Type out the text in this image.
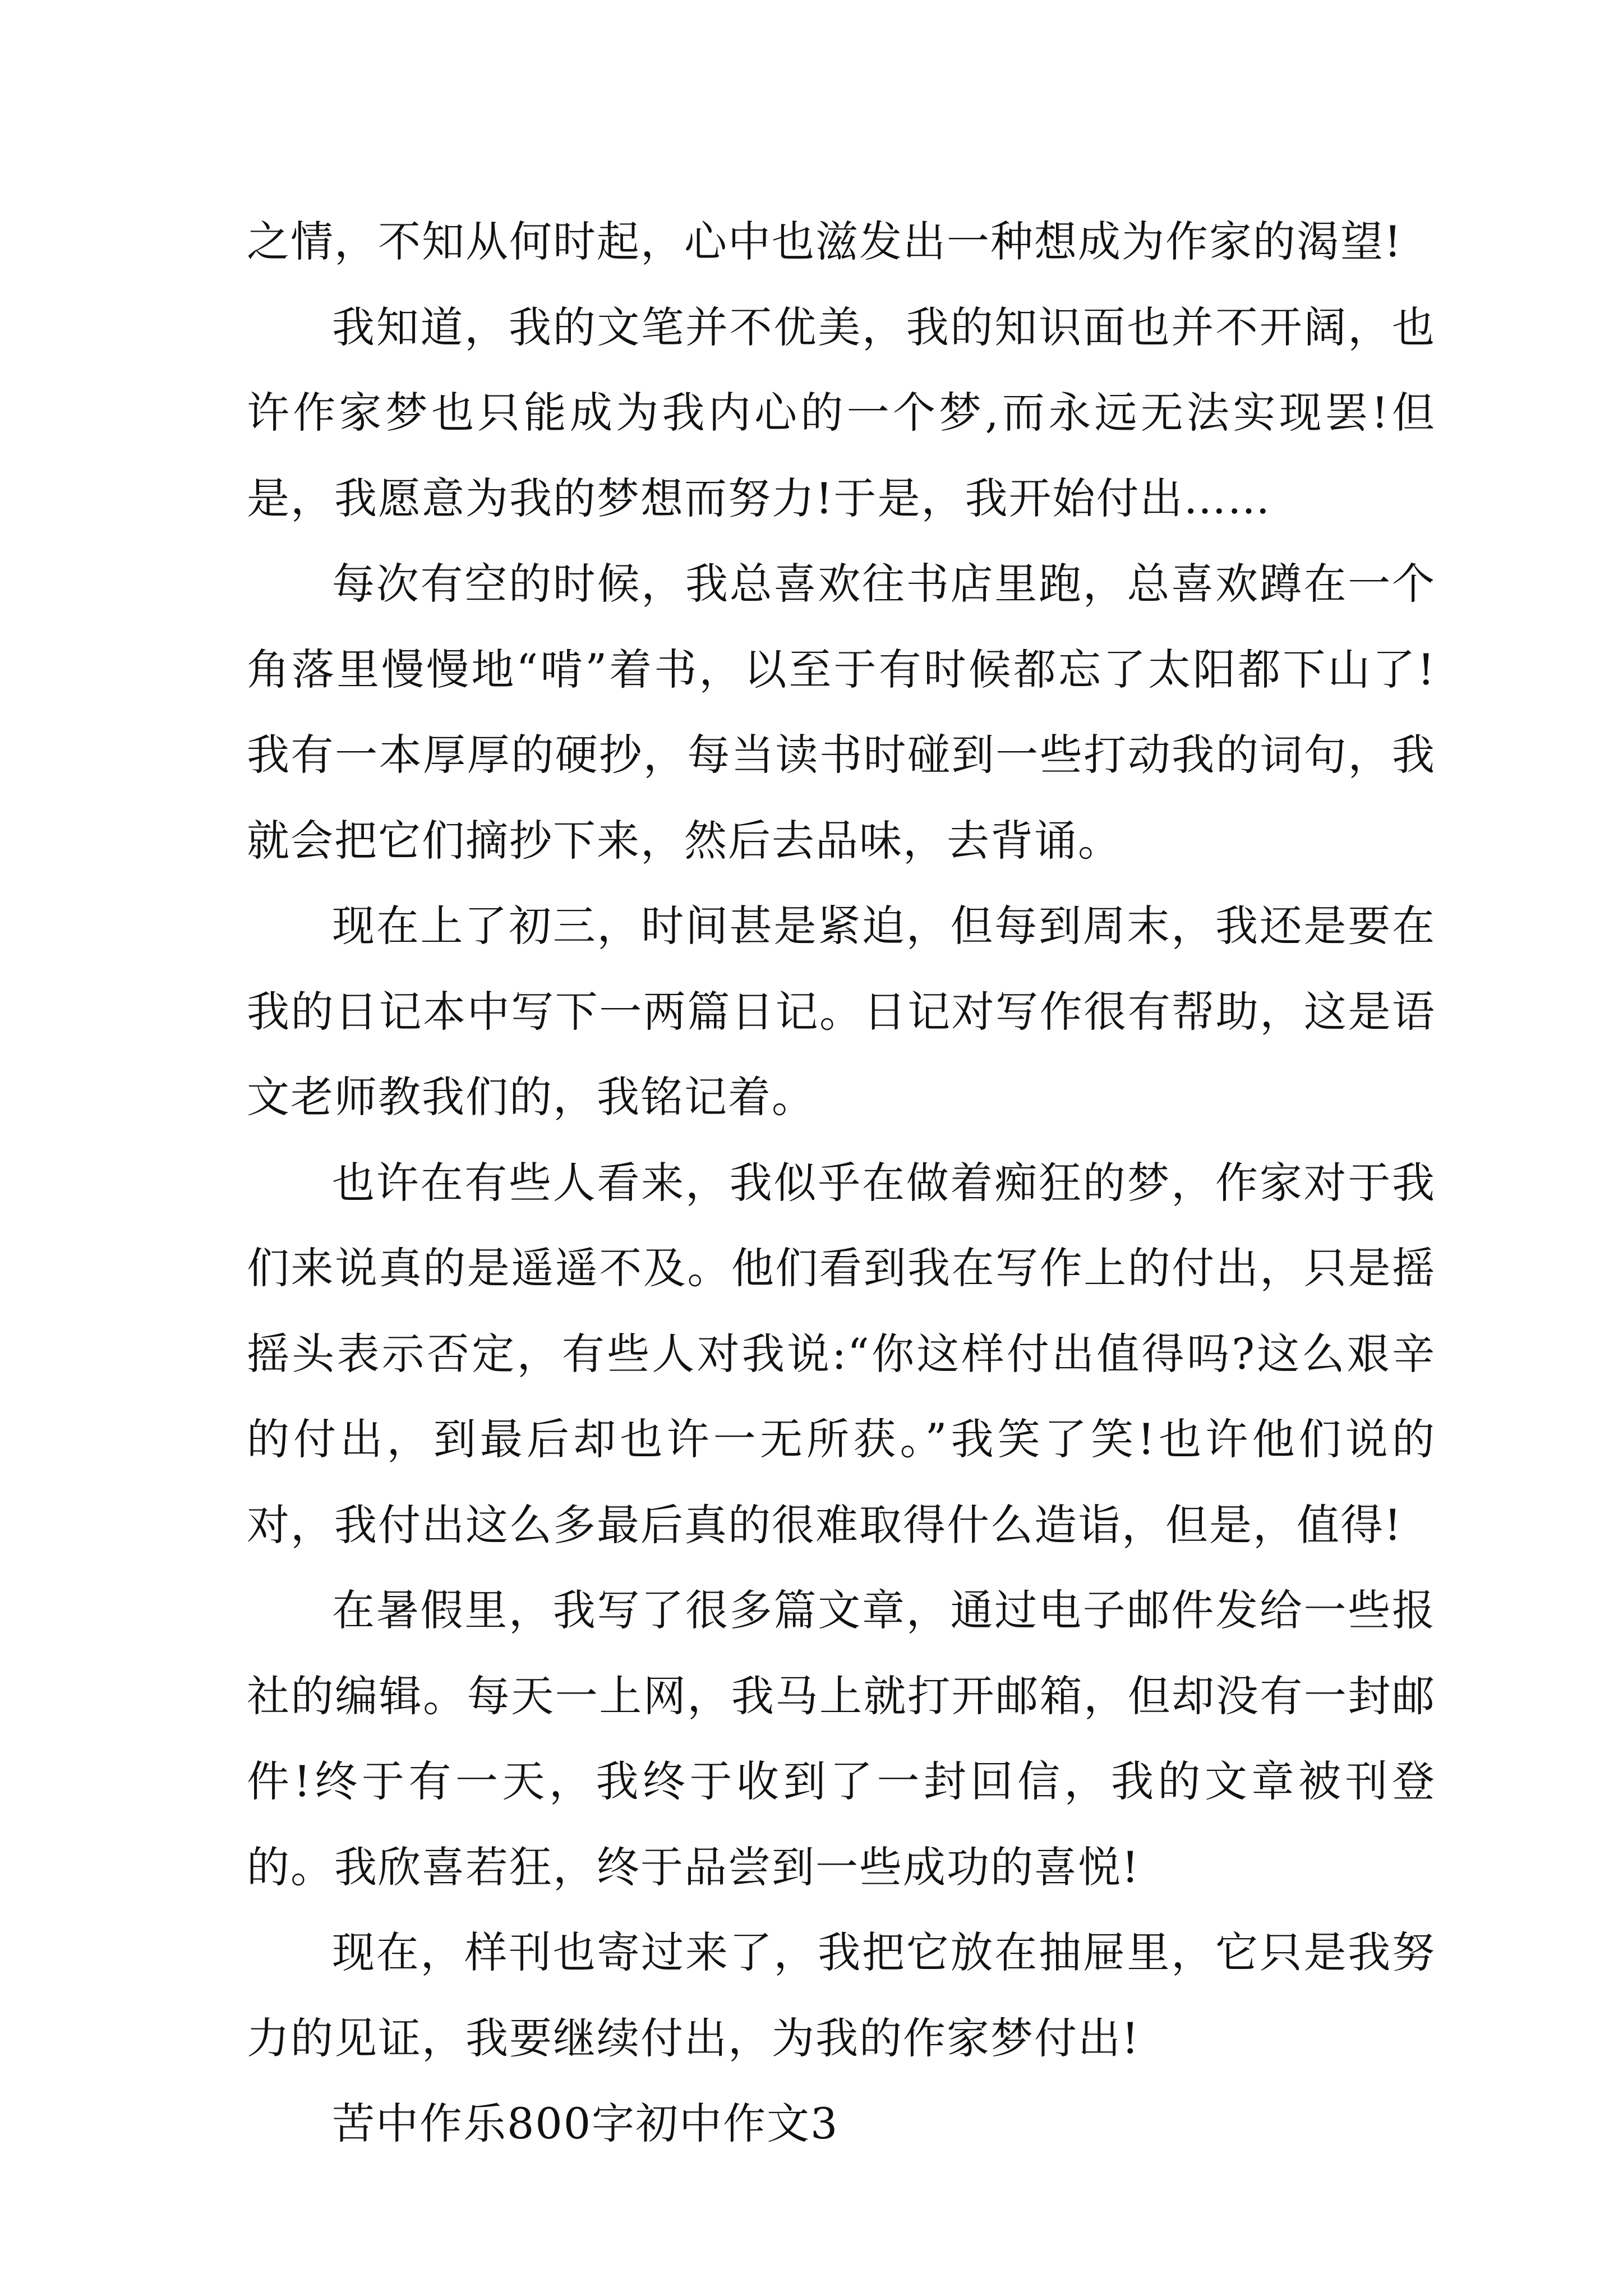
之情，不知从何时起，心中也滋发出一种想成为作家的渴望!

我知道，我的文笔并不优美，我的知识面也并不开阔，也许作家梦也只能成为我内心的一个梦,而永远无法实现罢!但是，我愿意为我的梦想而努力!于是，我开始付出……

每次有空的时候，我总喜欢往书店里跑，总喜欢蹲在一个角落里慢慢地“啃”着书，以至于有时候都忘了太阳都下山了!我有一本厚厚的硬抄，每当读书时碰到一些打动我的词句，我就会把它们摘抄下来，然后去品味，去背诵。

现在上了初三，时间甚是紧迫，但每到周末，我还是要在我的日记本中写下一两篇日记。日记对写作很有帮助，这是语文老师教我们的，我铭记着。

也许在有些人看来，我似乎在做着痴狂的梦，作家对于我们来说真的是遥遥不及。他们看到我在写作上的付出，只是摇摇头表示否定，有些人对我说:“你这样付出值得吗?这么艰辛的付出，到最后却也许一无所获。”我笑了笑!也许他们说的对，我付出这么多最后真的很难取得什么造诣，但是，值得!

在暑假里，我写了很多篇文章，通过电子邮件发给一些报社的编辑。每天一上网，我马上就打开邮箱，但却没有一封邮件!终于有一天，我终于收到了一封回信，我的文章被刊登的。我欣喜若狂，终于品尝到一些成功的喜悦!

现在，样刊也寄过来了，我把它放在抽屉里，它只是我努力的见证，我要继续付出，为我的作家梦付出!

苦中作乐800字初中作文3
